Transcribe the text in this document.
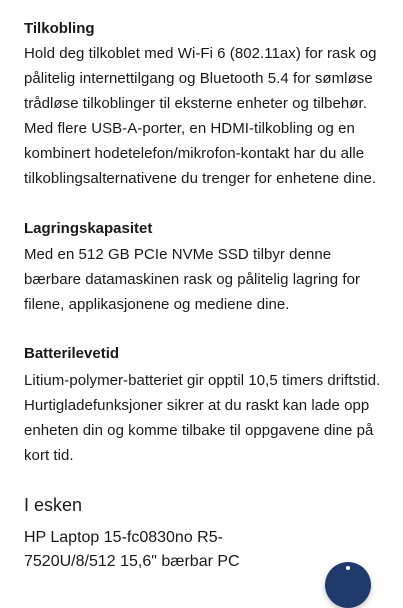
Tilkobling

Hold deg tilkoblet med Wi-Fi 6 (802.11ax) for rask og pålitelig internettilgang og Bluetooth 5.4 for sømløse trådløse tilkoblinger til eksterne enheter og tilbehør. Med flere USB-A-porter, en HDMI-tilkobling og en kombinert hodetelefon/mikrofon-kontakt har du alle tilkoblingsalternativene du trenger for enhetene dine.

Lagringskapasitet

Med en 512 GB PCIe NVMe SSD tilbyr denne bærbare datamaskinen rask og pålitelig lagring for filene, applikasjonene og mediene dine.

Batterilevetid

Litium-polymer-batteriet gir opptil 10,5 timers driftstid. Hurtigladefunksjoner sikrer at du raskt kan lade opp enheten din og komme tilbake til oppgavene dine på kort tid.

I esken

HP Laptop 15-fc0830no R5-7520U/8/512 15,6" bærbar PC
